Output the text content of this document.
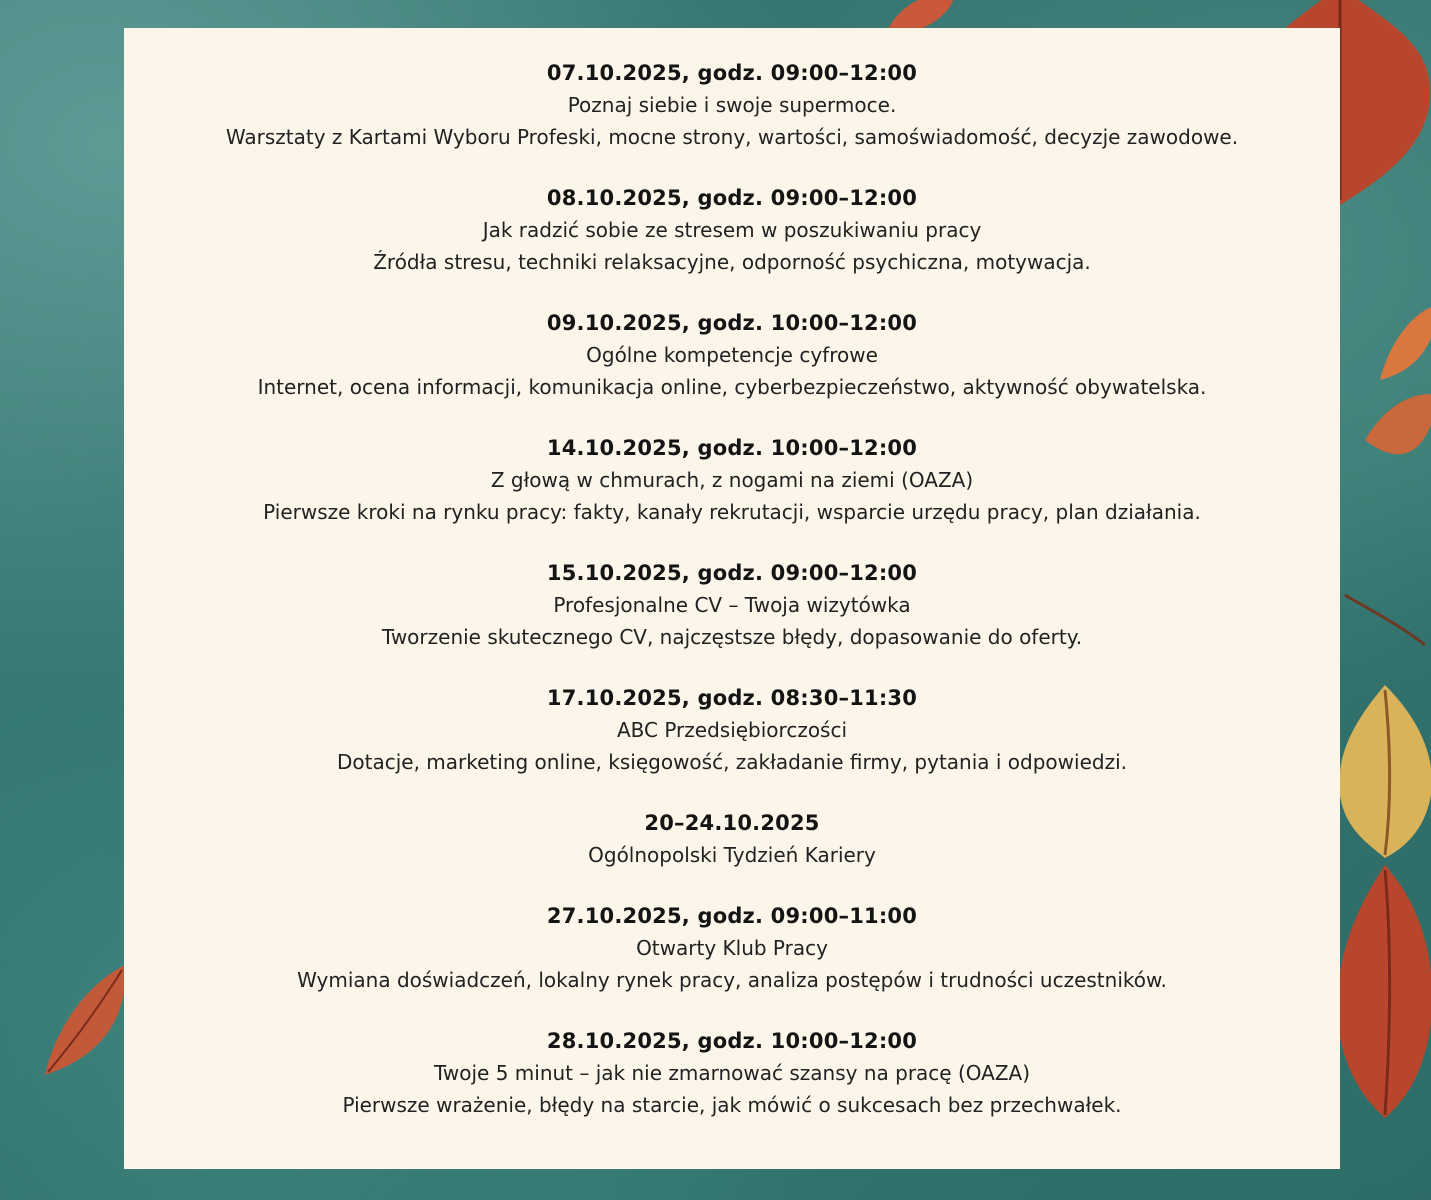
07.10.2025, godz. 09:00–12:00
Poznaj siebie i swoje supermoce.
Warsztaty z Kartami Wyboru Profeski, mocne strony, wartości, samoświadomość, decyzje zawodowe.
08.10.2025, godz. 09:00–12:00
Jak radzić sobie ze stresem w poszukiwaniu pracy
Źródła stresu, techniki relaksacyjne, odporność psychiczna, motywacja.
09.10.2025, godz. 10:00–12:00
Ogólne kompetencje cyfrowe
Internet, ocena informacji, komunikacja online, cyberbezpieczeństwo, aktywność obywatelska.
14.10.2025, godz. 10:00–12:00
Z głową w chmurach, z nogami na ziemi (OAZA)
Pierwsze kroki na rynku pracy: fakty, kanały rekrutacji, wsparcie urzędu pracy, plan działania.
15.10.2025, godz. 09:00–12:00
Profesjonalne CV – Twoja wizytówka
Tworzenie skutecznego CV, najczęstsze błędy, dopasowanie do oferty.
17.10.2025, godz. 08:30–11:30
ABC Przedsiębiorczości
Dotacje, marketing online, księgowość, zakładanie firmy, pytania i odpowiedzi.
20–24.10.2025
Ogólnopolski Tydzień Kariery
27.10.2025, godz. 09:00–11:00
Otwarty Klub Pracy
Wymiana doświadczeń, lokalny rynek pracy, analiza postępów i trudności uczestników.
28.10.2025, godz. 10:00–12:00
Twoje 5 minut – jak nie zmarnować szansy na pracę (OAZA)
Pierwsze wrażenie, błędy na starcie, jak mówić o sukcesach bez przechwałek.
